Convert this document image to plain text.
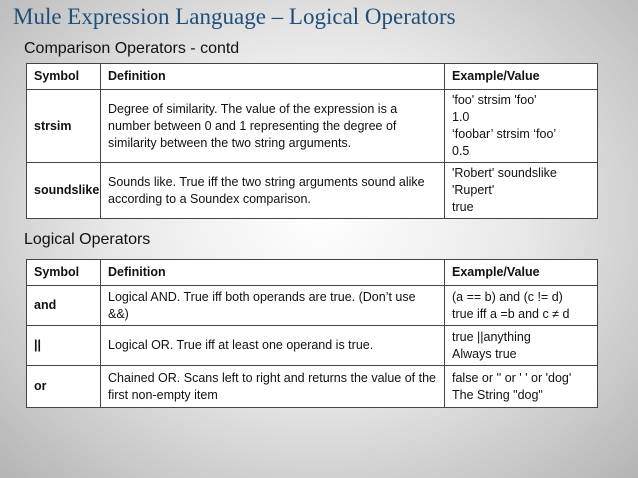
Mule Expression Language – Logical Operators
Comparison Operators - contd
Symbol	Definition	Example/Value
strsim	Degree of similarity. The value of the expression is a number between 0 and 1 representing the degree of similarity between the two string arguments.	'foo' strsim 'foo'
1.0
‘foobar’ strsim ‘foo’
0.5

soundslike	Sounds like. True iff the two string arguments sound alike according to a Soundex comparison.	'Robert' soundslike
'Rupert'
true
Logical Operators
Symbol	Definition	Example/Value
and	Logical AND. True iff both operands are true. (Don’t use &&)	(a == b) and (c != d)
true iff a =b and c ≠ d

||	Logical OR. True iff at least one operand is true.	true ||anything
Always true

or	Chained OR. Scans left to right and returns the value of the first non-empty item	false or '' or ' ' or 'dog'
The String "dog"
